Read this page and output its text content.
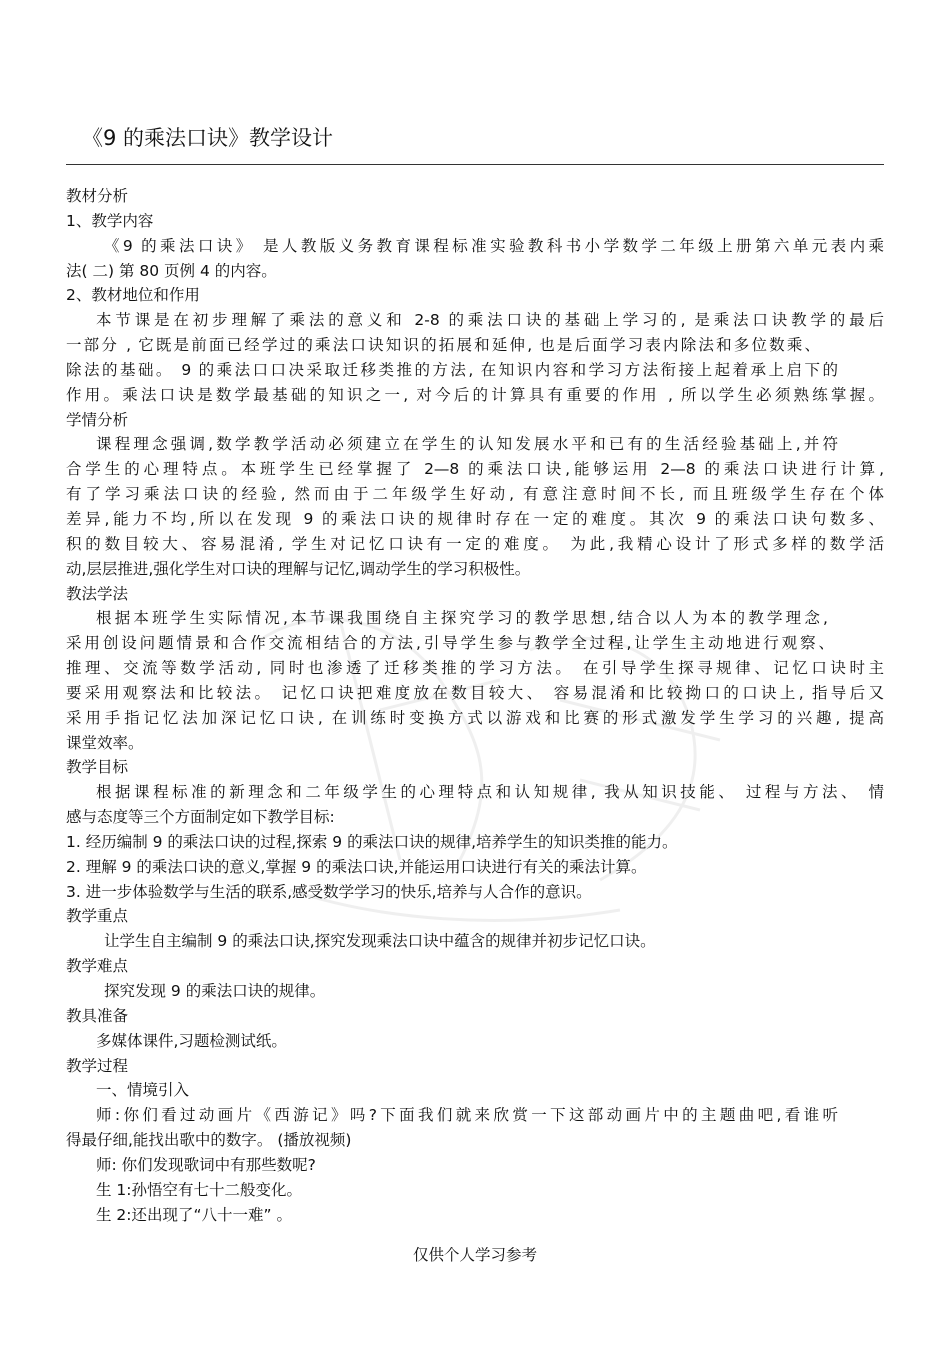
《9 的乘法口诀》教学设计
教材分析
1、教学内容
《9 的乘法口诀》 是人教版义务教育课程标准实验教科书小学数学二年级上册第六单元表内乘
法( 二) 第 80 页例 4 的内容。
2、教材地位和作用
本节课是在初步理解了乘法的意义和 2-8 的乘法口诀的基础上学习的, 是乘法口诀教学的最后
一部分 , 它既是前面已经学过的乘法口诀知识的拓展和延伸, 也是后面学习表内除法和多位数乘、
除法的基础。 9 的乘法口口决采取迁移类推的方法, 在知识内容和学习方法衔接上起着承上启下的
作用。乘法口诀是数学最基础的知识之一, 对今后的计算具有重要的作用 , 所以学生必须熟练掌握。
学情分析
课程理念强调,数学教学活动必须建立在学生的认知发展水平和已有的生活经验基础上,并符
合学生的心理特点。本班学生已经掌握了 2—8 的乘法口诀,能够运用 2—8 的乘法口诀进行计算,
有了学习乘法口诀的经验, 然而由于二年级学生好动, 有意注意时间不长, 而且班级学生存在个体
差异,能力不均,所以在发现 9 的乘法口诀的规律时存在一定的难度。其次 9 的乘法口诀句数多、
积的数目较大、容易混淆, 学生对记忆口诀有一定的难度。 为此,我精心设计了形式多样的数学活
动,层层推进,强化学生对口诀的理解与记忆,调动学生的学习积极性。
教法学法
根据本班学生实际情况,本节课我围绕自主探究学习的教学思想,结合以人为本的教学理念,
采用创设问题情景和合作交流相结合的方法,引导学生参与教学全过程,让学生主动地进行观察、
推理、交流等数学活动, 同时也渗透了迁移类推的学习方法。 在引导学生探寻规律、记忆口诀时主
要采用观察法和比较法。 记忆口诀把难度放在数目较大、 容易混淆和比较拗口的口诀上, 指导后又
采用手指记忆法加深记忆口诀, 在训练时变换方式以游戏和比赛的形式激发学生学习的兴趣, 提高
课堂效率。
教学目标
根据课程标准的新理念和二年级学生的心理特点和认知规律, 我从知识技能、 过程与方法、 情
感与态度等三个方面制定如下教学目标:
1. 经历编制 9 的乘法口诀的过程,探索 9 的乘法口诀的规律,培养学生的知识类推的能力。
2. 理解 9 的乘法口诀的意义,掌握 9 的乘法口诀,并能运用口诀进行有关的乘法计算。
3. 进一步体验数学与生活的联系,感受数学学习的快乐,培养与人合作的意识。
教学重点
让学生自主编制 9 的乘法口诀,探究发现乘法口诀中蕴含的规律并初步记忆口诀。
教学难点
探究发现 9 的乘法口诀的规律。
教具准备
多媒体课件,习题检测试纸。
教学过程
一、情境引入
师:你们看过动画片《西游记》吗?下面我们就来欣赏一下这部动画片中的主题曲吧,看谁听
得最仔细,能找出歌中的数字。 (播放视频)
师: 你们发现歌词中有那些数呢?
生 1:孙悟空有七十二般变化。
生 2:还出现了“八十一难” 。
仅供个人学习参考
